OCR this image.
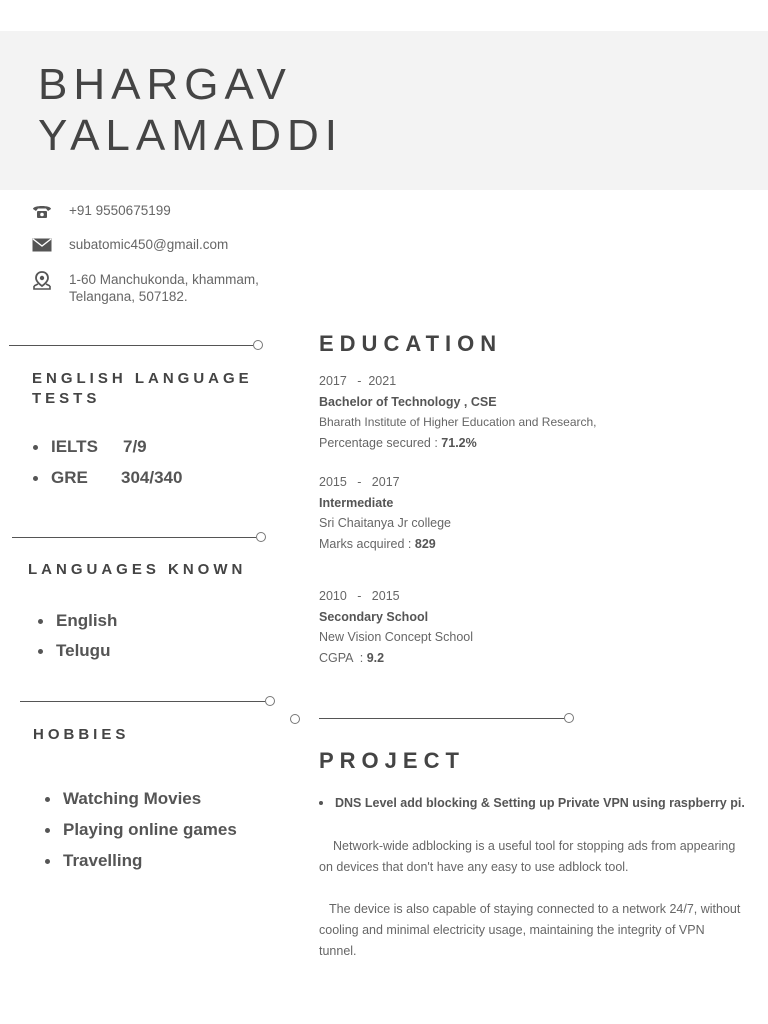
BHARGAV
YALAMADDI
+91 9550675199
subatomic450@gmail.com
1-60 Manchukonda, khammam,
Telangana, 507182.
ENGLISH LANGUAGE
TESTS
IELTS	7/9
GRE	304/340
LANGUAGES KNOWN
English
Telugu
HOBBIES
Watching Movies
Playing online games
Travelling
EDUCATION
2017   -  2021
Bachelor of Technology , CSE
Bharath Institute of Higher Education and Research,
Percentage secured : 71.2%
2015   -   2017
Intermediate
Sri Chaitanya Jr college
Marks acquired : 829
2010   -   2015
Secondary School
New Vision Concept School
CGPA  : 9.2
PROJECT
DNS Level add blocking & Setting up Private VPN using raspberry pi.
Network-wide adblocking is a useful tool for stopping ads from appearing on devices that don't have any easy to use adblock tool.
The device is also capable of staying connected to a network 24/7, without cooling and minimal electricity usage, maintaining the integrity of VPN tunnel.
